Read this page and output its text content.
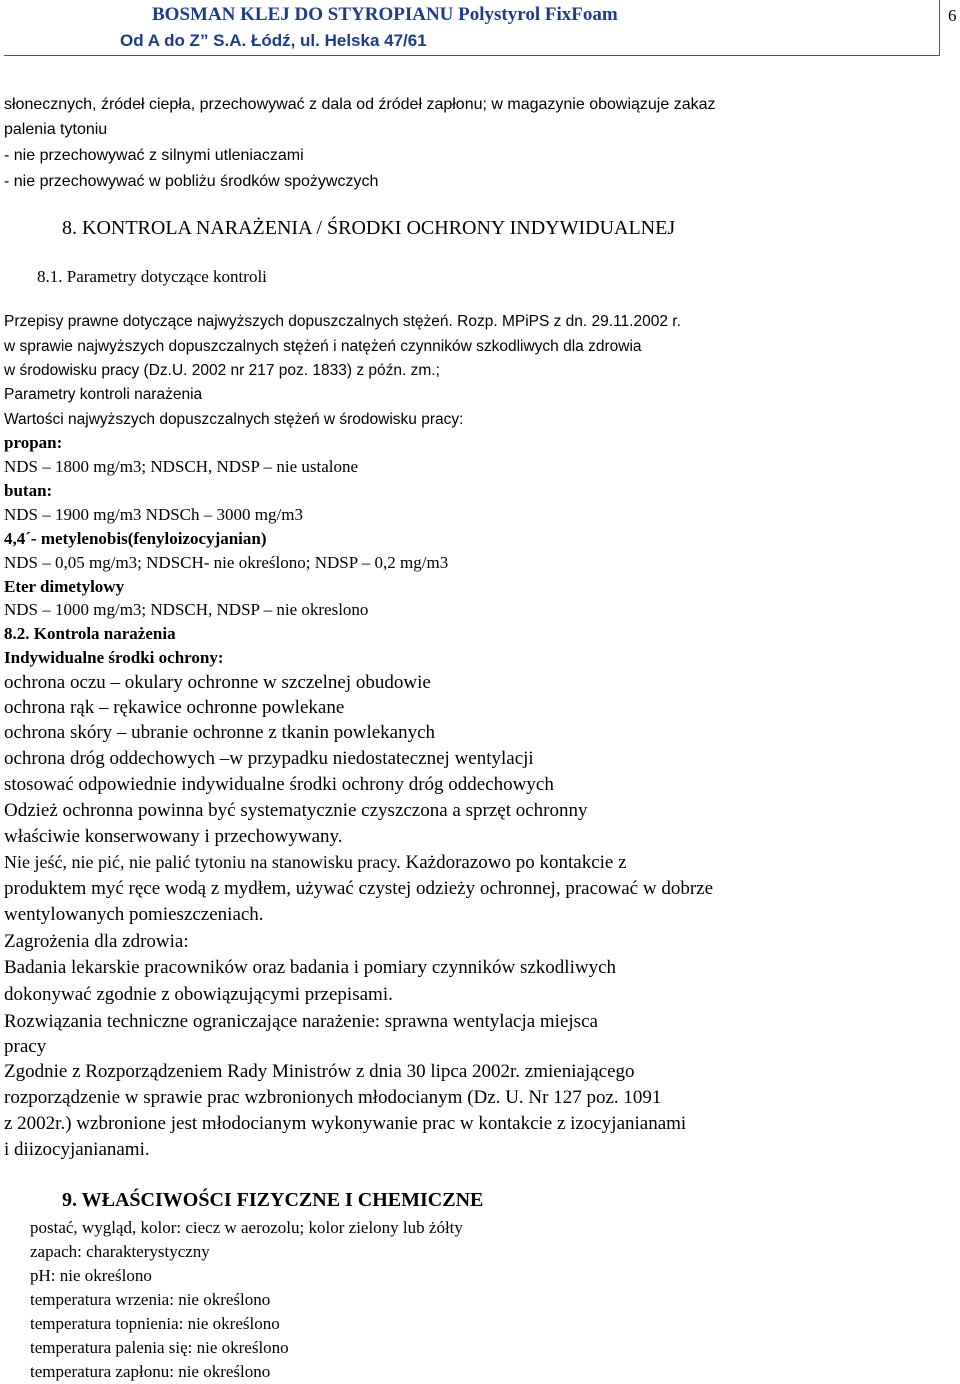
BOSMAN KLEJ DO STYROPIANU Polystyrol FixFoam
Od A do Z” S.A. Łódź, ul. Helska 47/61
6
słonecznych, źródeł ciepła, przechowywać z dala od źródeł zapłonu; w magazynie obowiązuje zakaz
palenia tytoniu
- nie przechowywać z silnymi utleniaczami
- nie przechowywać w pobliżu środków spożywczych
8. KONTROLA NARAŻENIA / ŚRODKI OCHRONY INDYWIDUALNEJ
8.1. Parametry dotyczące kontroli
Przepisy prawne dotyczące najwyższych dopuszczalnych stężeń. Rozp. MPiPS z dn. 29.11.2002 r.
w sprawie najwyższych dopuszczalnych stężeń i natężeń czynników szkodliwych dla zdrowia
w środowisku pracy (Dz.U. 2002 nr 217 poz. 1833) z późn. zm.;
Parametry kontroli narażenia
Wartości najwyższych dopuszczalnych stężeń w środowisku pracy:
propan:
NDS – 1800 mg/m3; NDSCH, NDSP – nie ustalone
butan:
NDS – 1900 mg/m3 NDSCh – 3000 mg/m3
4,4´- metylenobis(fenyloizocyjanian)
NDS – 0,05 mg/m3; NDSCH- nie określono; NDSP – 0,2 mg/m3
Eter dimetylowy
NDS – 1000 mg/m3; NDSCH, NDSP – nie okreslono
8.2. Kontrola narażenia
Indywidualne środki ochrony:
ochrona oczu – okulary ochronne w szczelnej obudowie
ochrona rąk – rękawice ochronne powlekane
ochrona skóry – ubranie ochronne z tkanin powlekanych
ochrona dróg oddechowych –w przypadku niedostatecznej wentylacji
stosować odpowiednie indywidualne środki ochrony dróg oddechowych
Odzież ochronna powinna być systematycznie czyszczona a sprzęt ochronny
właściwie konserwowany i przechowywany.
Nie jeść, nie pić, nie palić tytoniu na stanowisku pracy. Każdorazowo po kontakcie z
produktem myć ręce wodą z mydłem, używać czystej odzieży ochronnej, pracować w dobrze
wentylowanych pomieszczeniach.
Zagrożenia dla zdrowia:
Badania lekarskie pracowników oraz badania i pomiary czynników szkodliwych
dokonywać zgodnie z obowiązującymi przepisami.
Rozwiązania techniczne ograniczające narażenie: sprawna wentylacja miejsca
pracy
Zgodnie z Rozporządzeniem Rady Ministrów z dnia 30 lipca 2002r. zmieniającego
rozporządzenie w sprawie prac wzbronionych młodocianym (Dz. U. Nr 127 poz. 1091
z 2002r.) wzbronione jest młodocianym wykonywanie prac w kontakcie z izocyjanianami
i diizocyjanianami.
9. WŁAŚCIWOŚCI FIZYCZNE I CHEMICZNE
postać, wygląd, kolor: ciecz w aerozolu; kolor zielony lub żółty
zapach: charakterystyczny
pH: nie określono
temperatura wrzenia: nie określono
temperatura topnienia: nie określono
temperatura palenia się: nie określono
temperatura zapłonu: nie określono
